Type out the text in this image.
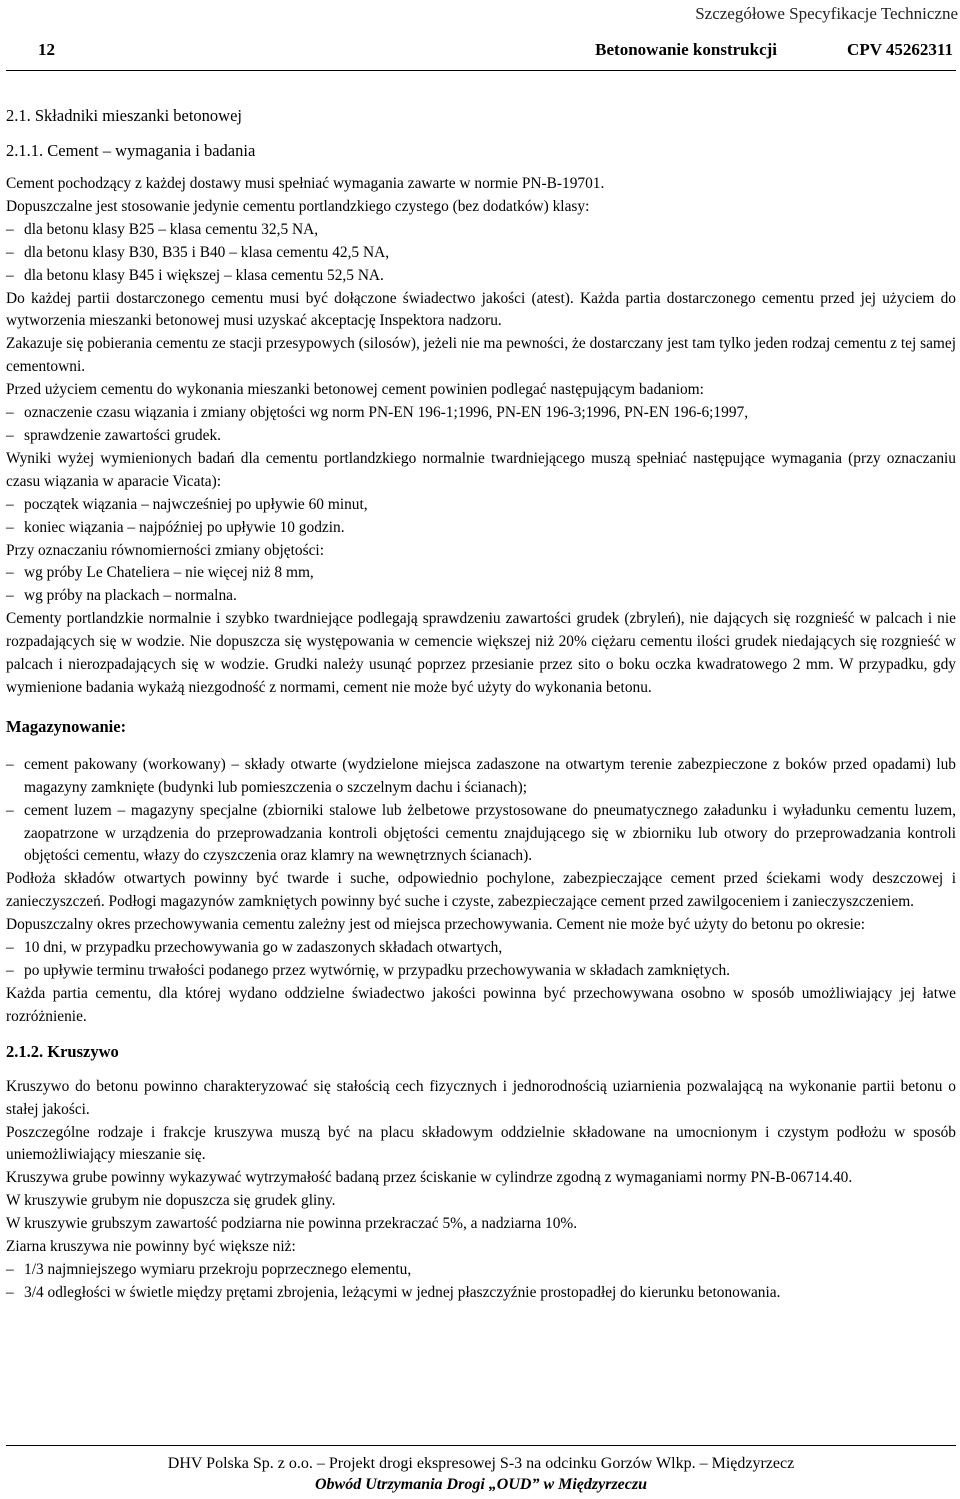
Szczegółowe Specyfikacje Techniczne
12	Betonowanie konstrukcji	CPV 45262311
2.1. Składniki mieszanki betonowej
2.1.1. Cement – wymagania i badania

Cement pochodzący z każdej dostawy musi spełniać wymagania zawarte w normie PN-B-19701.

Dopuszczalne jest stosowanie jedynie cementu portlandzkiego czystego (bez dodatków) klasy:

– dla betonu klasy B25 – klasa cementu 32,5 NA,
– dla betonu klasy B30, B35 i B40 – klasa cementu 42,5 NA,
– dla betonu klasy B45 i większej – klasa cementu 52,5 NA.

Do każdej partii dostarczonego cementu musi być dołączone świadectwo jakości (atest). Każda partia dostarczonego cementu przed jej użyciem do wytworzenia mieszanki betonowej musi uzyskać akceptację Inspektora nadzoru.

Zakazuje się pobierania cementu ze stacji przesypowych (silosów), jeżeli nie ma pewności, że dostarczany jest tam tylko jeden rodzaj cementu z tej samej cementowni.

Przed użyciem cementu do wykonania mieszanki betonowej cement powinien podlegać następującym badaniom:

– oznaczenie czasu wiązania i zmiany objętości wg norm PN-EN 196-1;1996, PN-EN 196-3;1996, PN-EN 196-6;1997,
– sprawdzenie zawartości grudek.

Wyniki wyżej wymienionych badań dla cementu portlandzkiego normalnie twardniejącego muszą spełniać następujące wymagania (przy oznaczaniu czasu wiązania w aparacie Vicata):

– początek wiązania – najwcześniej po upływie 60 minut,
– koniec wiązania – najpóźniej po upływie 10 godzin.

Przy oznaczaniu równomierności zmiany objętości:

– wg próby Le Chateliera – nie więcej niż 8 mm,
– wg próby na plackach – normalna.

Cementy portlandzkie normalnie i szybko twardniejące podlegają sprawdzeniu zawartości grudek (zbryleń), nie dających się rozgnieść w palcach i nie rozpadających się w wodzie. Nie dopuszcza się występowania w cemencie większej niż 20% ciężaru cementu ilości grudek niedających się rozgnieść w palcach i nierozpadających się w wodzie. Grudki należy usunąć poprzez przesianie przez sito o boku oczka kwadratowego 2 mm. W przypadku, gdy wymienione badania wykażą niezgodność z normami, cement nie może być użyty do wykonania betonu.

Magazynowanie:
– cement pakowany (workowany) – składy otwarte (wydzielone miejsca zadaszone na otwartym terenie zabezpieczone z boków przed opadami) lub magazyny zamknięte (budynki lub pomieszczenia o szczelnym dachu i ścianach);
– cement luzem – magazyny specjalne (zbiorniki stalowe lub żelbetowe przystosowane do pneumatycznego załadunku i wyładunku cementu luzem, zaopatrzone w urządzenia do przeprowadzania kontroli objętości cementu znajdującego się w zbiorniku lub otwory do przeprowadzania kontroli objętości cementu, włazy do czyszczenia oraz klamry na wewnętrznych ścianach).

Podłoża składów otwartych powinny być twarde i suche, odpowiednio pochylone, zabezpieczające cement przed ściekami wody deszczowej i zanieczyszczeń. Podłogi magazynów zamkniętych powinny być suche i czyste, zabezpieczające cement przed zawilgoceniem i zanieczyszczeniem.

Dopuszczalny okres przechowywania cementu zależny jest od miejsca przechowywania. Cement nie może być użyty do betonu po okresie:

– 10 dni, w przypadku przechowywania go w zadaszonych składach otwartych,
– po upływie terminu trwałości podanego przez wytwórnię, w przypadku przechowywania w składach zamkniętych.

Każda partia cementu, dla której wydano oddzielne świadectwo jakości powinna być przechowywana osobno w sposób umożliwiający jej łatwe rozróżnienie.

2.1.2. Kruszywo

Kruszywo do betonu powinno charakteryzować się stałością cech fizycznych i jednorodnością uziarnienia pozwalającą na wykonanie partii betonu o stałej jakości.

Poszczególne rodzaje i frakcje kruszywa muszą być na placu składowym oddzielnie składowane na umocnionym i czystym podłożu w sposób uniemożliwiający mieszanie się.

Kruszywa grube powinny wykazywać wytrzymałość badaną przez ściskanie w cylindrze zgodną z wymaganiami normy PN-B-06714.40.

W kruszywie grubym nie dopuszcza się grudek gliny.

W kruszywie grubszym zawartość podziarna nie powinna przekraczać 5%, a nadziarna 10%.

Ziarna kruszywa nie powinny być większe niż:

– 1/3 najmniejszego wymiaru przekroju poprzecznego elementu,
– 3/4 odległości w świetle między prętami zbrojenia, leżącymi w jednej płaszczyźnie prostopadłej do kierunku betonowania.
DHV Polska Sp. z o.o. – Projekt drogi ekspresowej S-3 na odcinku Gorzów Wlkp. – Międzyrzecz
Obwód Utrzymania Drogi „OUD” w Międzyrzeczu
